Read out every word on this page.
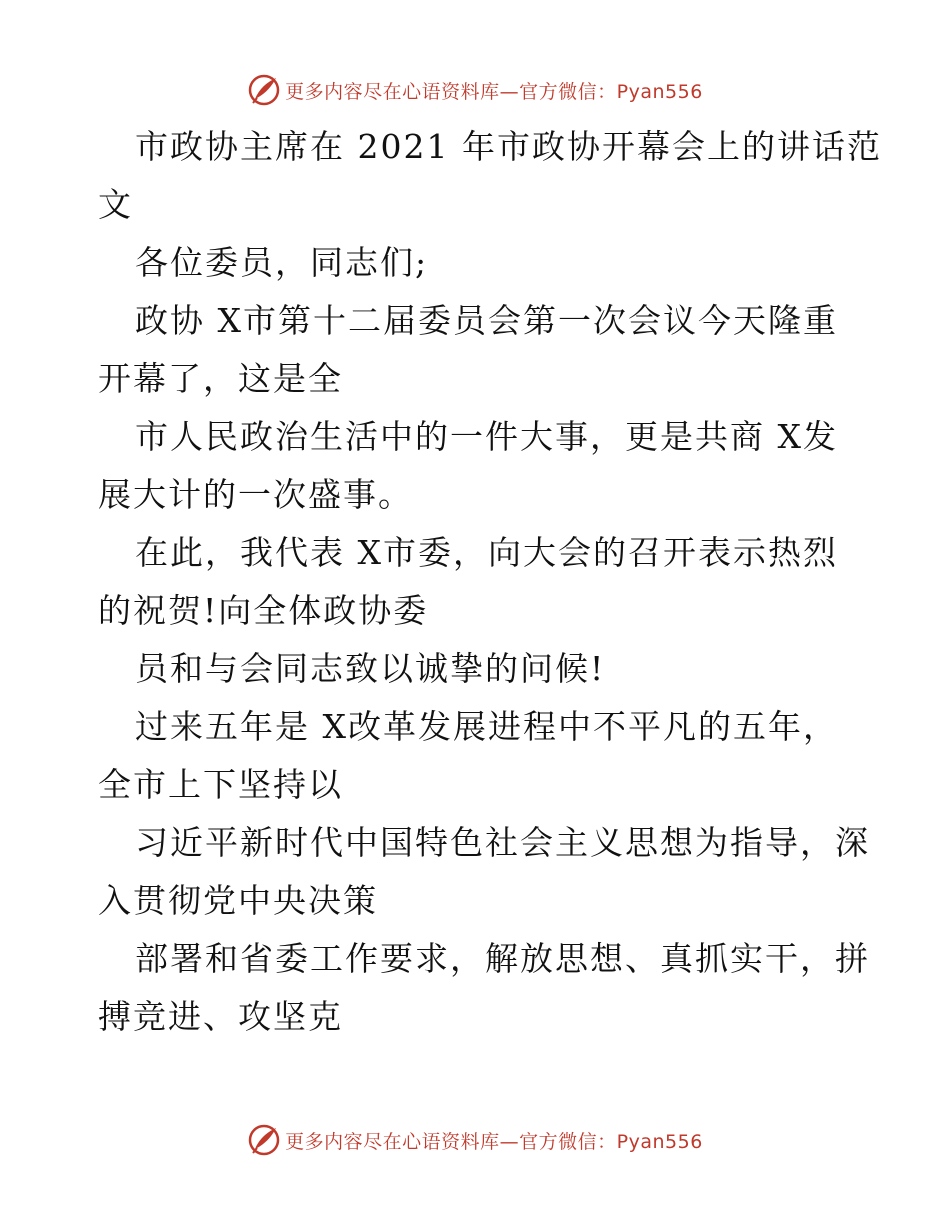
更多内容尽在心语资料库—官方微信：Pyan556
市政协主席在 2021 年市政协开幕会上的讲话范
文
各位委员，同志们;
政协 X市第十二届委员会第一次会议今天隆重
开幕了，这是全
市人民政治生活中的一件大事，更是共商 X发
展大计的一次盛事。
在此，我代表 X市委，向大会的召开表示热烈
的祝贺!向全体政协委
员和与会同志致以诚挚的问候!
过来五年是 X改革发展进程中不平凡的五年，
全市上下坚持以
习近平新时代中国特色社会主义思想为指导，深
入贯彻党中央决策
部署和省委工作要求，解放思想、真抓实干，拼
搏竞进、攻坚克
更多内容尽在心语资料库—官方微信：Pyan556
